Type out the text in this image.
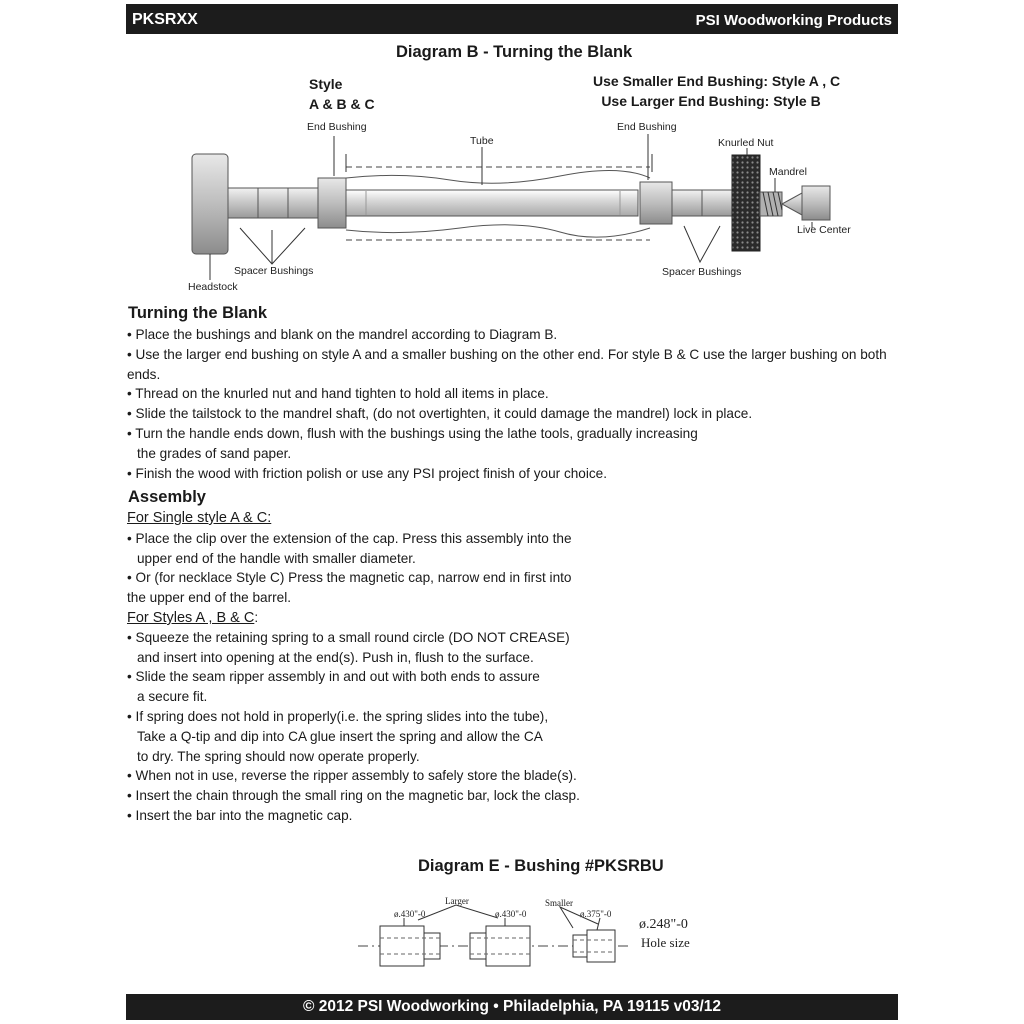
PKSRXX	PSI Woodworking Products
Diagram B - Turning the Blank
Style
A & B & C
Use Smaller End Bushing: Style A , C
Use Larger End Bushing: Style B
End Bushing
Tube
End Bushing
Knurled Nut
Mandrel
Live Center
Spacer Bushings	Spacer Bushings
Headstock
Turning the Blank
• Place the bushings and blank on the mandrel according to Diagram B.
• Use the larger end bushing on style A and a smaller bushing on the other end. For style B & C use the larger bushing on both
ends.
• Thread on the knurled nut and hand tighten to hold all items in place.
• Slide the tailstock to the mandrel shaft, (do not overtighten, it could damage the mandrel) lock in place.
• Turn the handle ends down, flush with the bushings using the lathe tools, gradually increasing
the grades of sand paper.
• Finish the wood with friction polish or use any PSI project finish of your choice.
Assembly
For Single style A & C:
• Place the clip over the extension of the cap. Press this assembly into the
upper end of the handle with smaller diameter.
• Or (for necklace Style C) Press the magnetic cap, narrow end in first into
the upper end of the barrel.
For Styles A , B & C:
• Squeeze the retaining spring to a small round circle (DO NOT CREASE)
and insert into opening at the end(s). Push in, flush to the surface.
• Slide the seam ripper assembly in and out with both ends to assure
a secure fit.
• If spring does not hold in properly(i.e. the spring slides into the tube),
Take a Q-tip and dip into CA glue insert the spring and allow the CA
to dry. The spring should now operate properly.
• When not in use, reverse the ripper assembly to safely store the blade(s).
• Insert the chain through the small ring on the magnetic bar, lock the clasp.
• Insert the bar into the magnetic cap.
Diagram E - Bushing #PKSRBU
Larger	Smaller
ø.430"-0	ø.430"-0	ø.375"-0
ø.248"-0
Hole size
© 2012 PSI Woodworking • Philadelphia, PA 19115 v03/12
